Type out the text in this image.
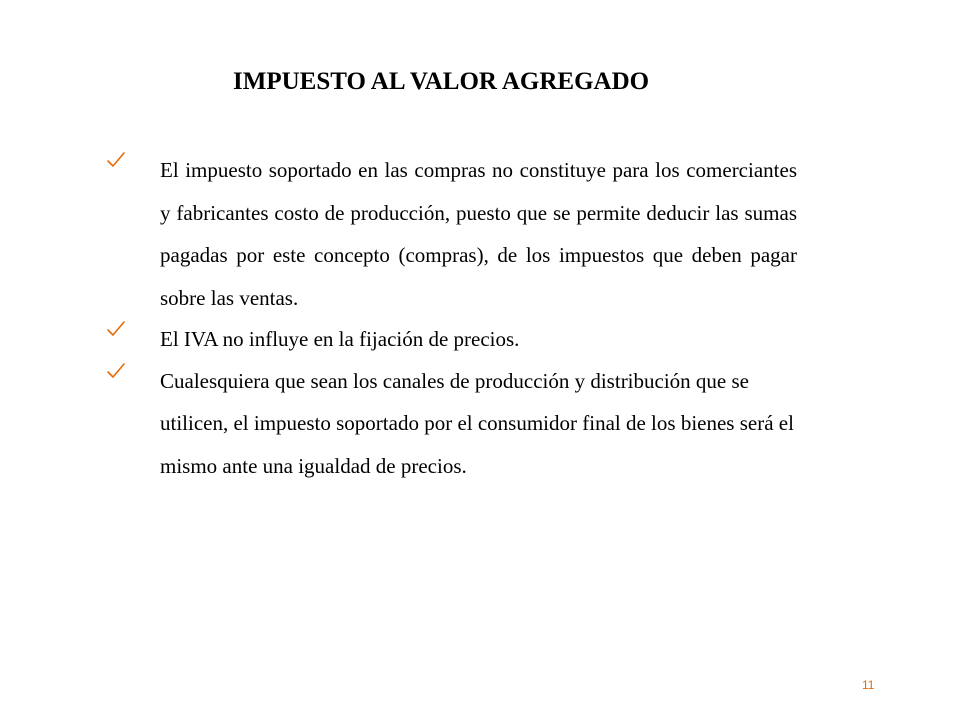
IMPUESTO AL VALOR AGREGADO
El impuesto soportado en las compras no constituye para los comerciantes y fabricantes costo de producción, puesto que se permite deducir las sumas pagadas por este concepto (compras), de los impuestos que deben pagar sobre las ventas.
El IVA no influye en la fijación de precios.
Cualesquiera que sean los canales de producción y distribución que se utilicen, el impuesto soportado por el consumidor final de los bienes será el mismo ante una igualdad de precios.
11
